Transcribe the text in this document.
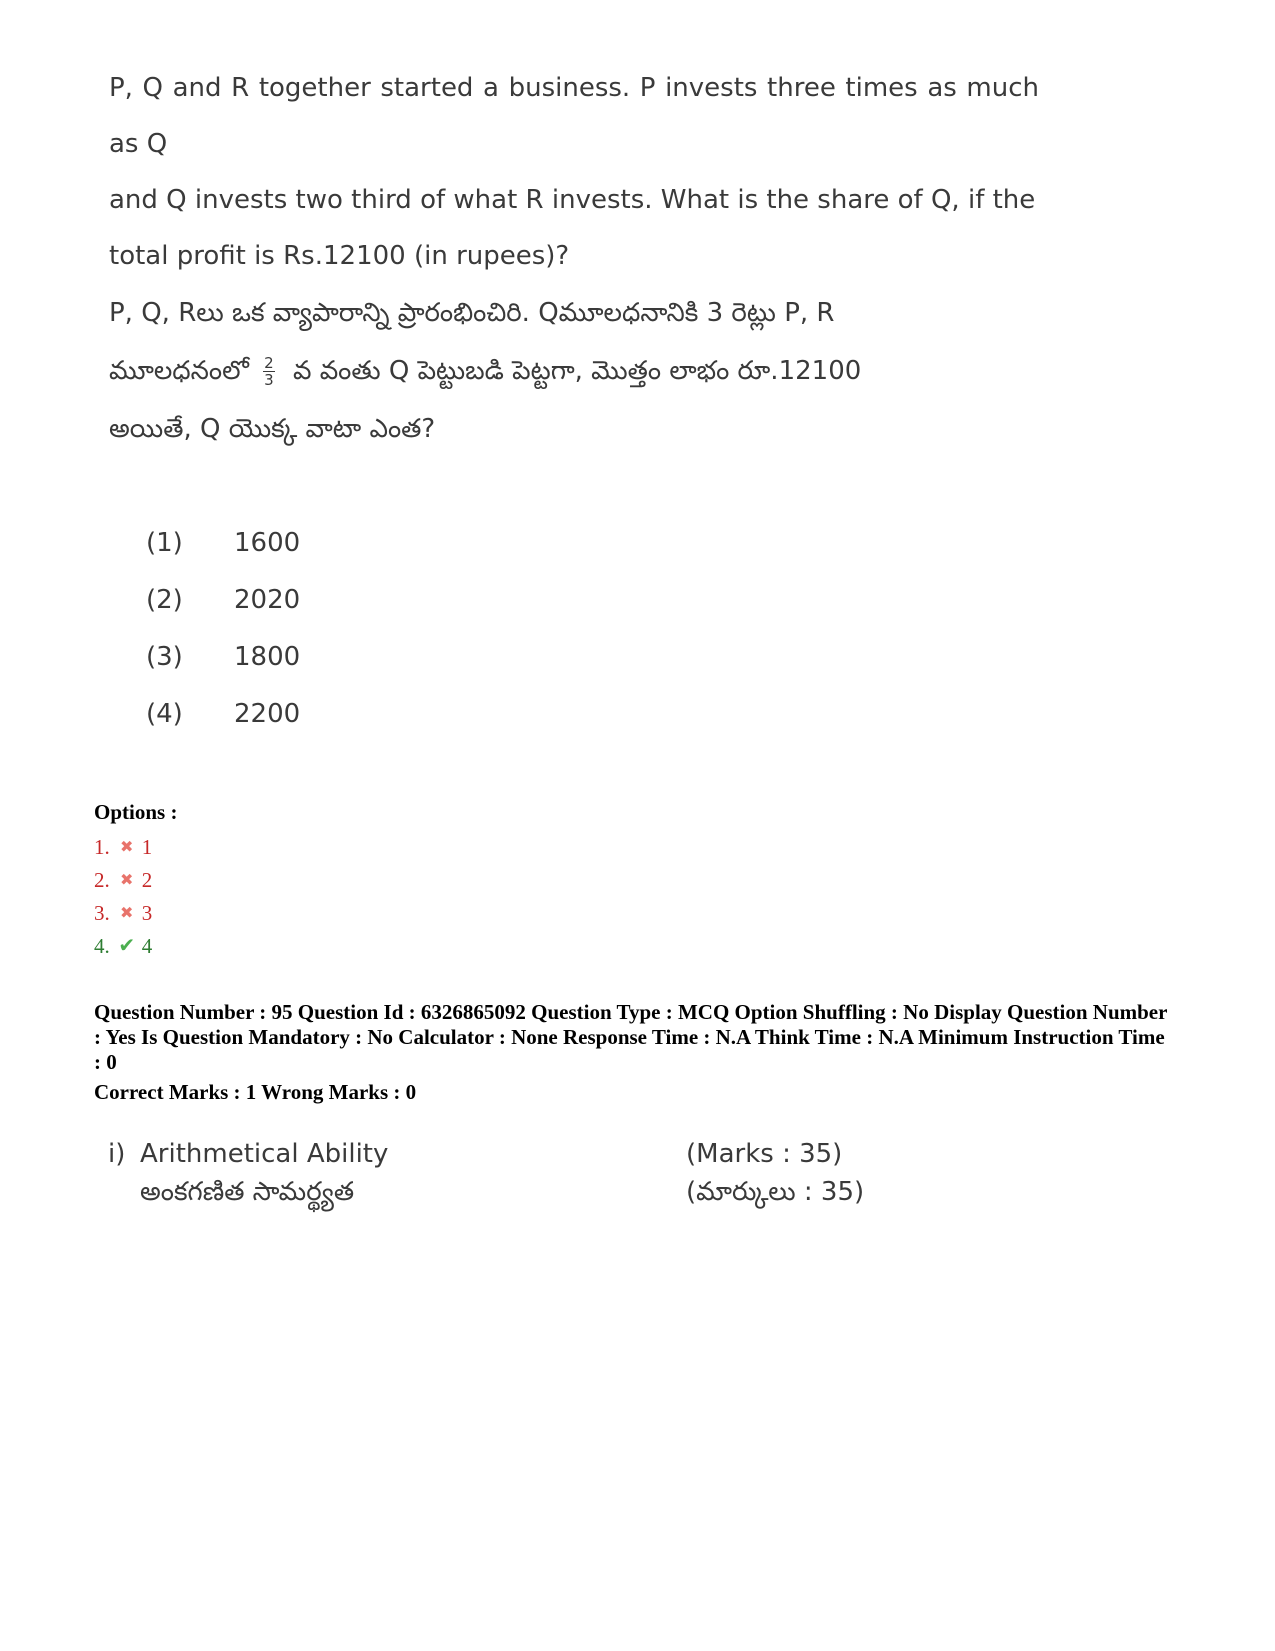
P, Q and R together started a business. P invests three times as much as Q

and Q invests two third of what R invests. What is the share of Q, if the

total profit is Rs.12100 (in rupees)?

P, Q, Rలు ఒక వ్యాపారాన్ని ప్రారంభించిరి. Qమూలధనానికి 3 రెట్లు P, R

మూలధనంలో $\frac{2}{3}$ వ వంతు Q పెట్టుబడి పెట్టగా, మొత్తం లాభం రూ.12100

అయితే, Q యొక్క వాటా ఎంత?

(1)	1600
(2)	2020
(3)	1800
(4)	2200
Options :
1. ✖ 1
2. ✖ 2
3. ✖ 3
4. ✔ 4
Question Number : 95 Question Id : 6326865092 Question Type : MCQ Option Shuffling : No Display Question Number : Yes Is Question Mandatory : No Calculator : None Response Time : N.A Think Time : N.A Minimum Instruction Time : 0
Correct Marks : 1 Wrong Marks : 0
i) Arithmetical Ability	(Marks : 35)
అంకగణిత సామర్థ్యత	(మార్కులు : 35)
